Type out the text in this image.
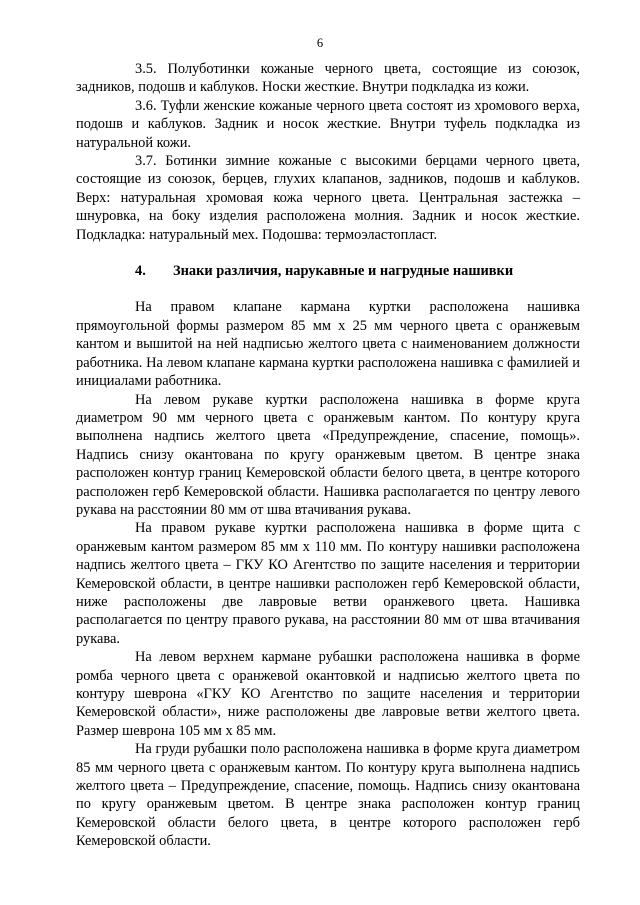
6

3.5. Полуботинки кожаные черного цвета, состоящие из союзок, задников, подошв и каблуков. Носки жесткие. Внутри подкладка из кожи.

3.6. Туфли женские кожаные черного цвета состоят из хромового верха, подошв и каблуков. Задник и носок жесткие. Внутри туфель подкладка из натуральной кожи.

3.7. Ботинки зимние кожаные с высокими берцами черного цвета, состоящие из союзок, берцев, глухих клапанов, задников, подошв и каблуков. Верх: натуральная хромовая кожа черного цвета. Центральная застежка – шнуровка, на боку изделия расположена молния. Задник и носок жесткие. Подкладка: натуральный мех. Подошва: термоэластопласт.

4. Знаки различия, нарукавные и нагрудные нашивки

На правом клапане кармана куртки расположена нашивка прямоугольной формы размером 85 мм х 25 мм черного цвета с оранжевым кантом и вышитой на ней надписью желтого цвета с наименованием должности работника. На левом клапане кармана куртки расположена нашивка с фамилией и инициалами работника.

На левом рукаве куртки расположена нашивка в форме круга диаметром 90 мм черного цвета с оранжевым кантом. По контуру круга выполнена надпись желтого цвета «Предупреждение, спасение, помощь». Надпись снизу окантована по кругу оранжевым цветом. В центре знака расположен контур границ Кемеровской области белого цвета, в центре которого расположен герб Кемеровской области. Нашивка располагается по центру левого рукава на расстоянии 80 мм от шва втачивания рукава.

На правом рукаве куртки расположена нашивка в форме щита с оранжевым кантом размером 85 мм х 110 мм. По контуру нашивки расположена надпись желтого цвета – ГКУ КО Агентство по защите населения и территории Кемеровской области, в центре нашивки расположен герб Кемеровской области, ниже расположены две лавровые ветви оранжевого цвета. Нашивка располагается по центру правого рукава, на расстоянии 80 мм от шва втачивания рукава.

На левом верхнем кармане рубашки расположена нашивка в форме ромба черного цвета с оранжевой окантовкой и надписью желтого цвета по контуру шеврона «ГКУ КО Агентство по защите населения и территории Кемеровской области», ниже расположены две лавровые ветви желтого цвета. Размер шеврона 105 мм х 85 мм.

На груди рубашки поло расположена нашивка в форме круга диаметром 85 мм черного цвета с оранжевым кантом. По контуру круга выполнена надпись желтого цвета – Предупреждение, спасение, помощь. Надпись снизу окантована по кругу оранжевым цветом. В центре знака расположен контур границ Кемеровской области белого цвета, в центре которого расположен герб Кемеровской области.
